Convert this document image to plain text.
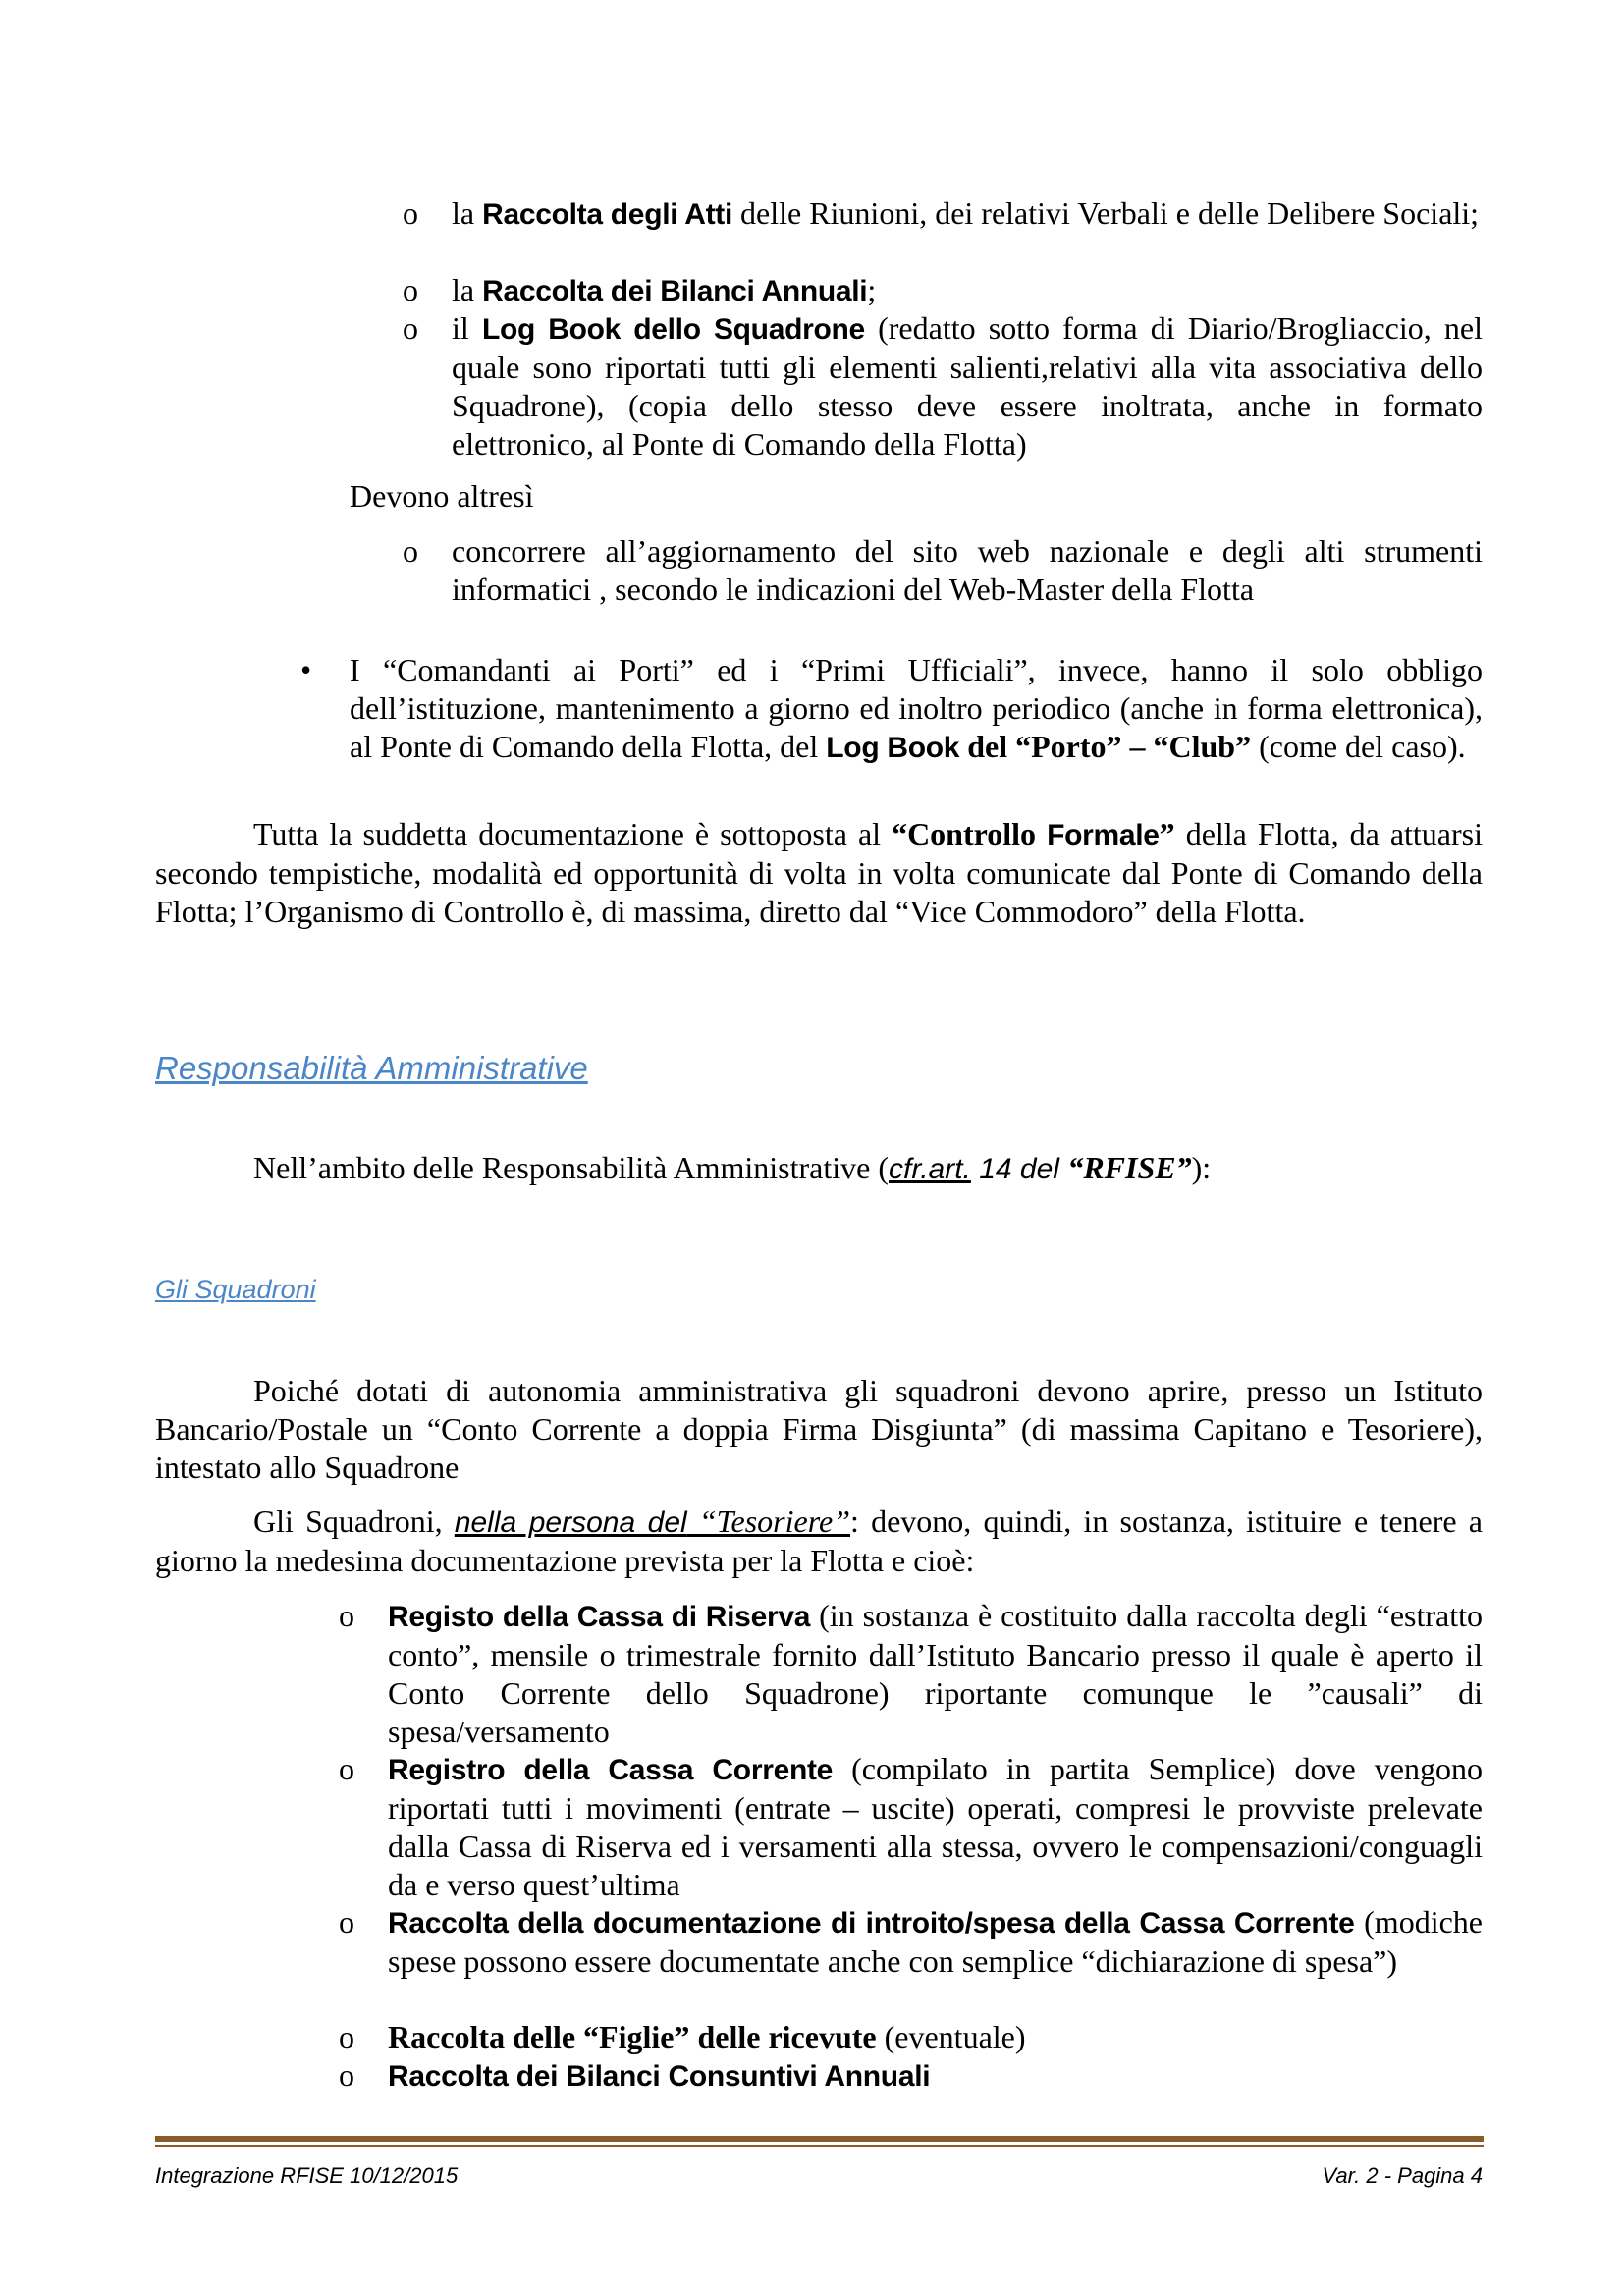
o la Raccolta degli Atti delle Riunioni, dei relativi Verbali e delle Delibere Sociali;
o la Raccolta dei Bilanci Annuali;
o il Log Book dello Squadrone (redatto sotto forma di Diario/Brogliaccio, nel quale sono riportati tutti gli elementi salienti,relativi alla vita associativa dello Squadrone), (copia dello stesso deve essere inoltrata, anche in formato elettronico, al Ponte di Comando della Flotta)
Devono altresì
o concorrere all’aggiornamento del sito web nazionale e degli alti strumenti informatici , secondo le indicazioni del Web-Master della Flotta
• I “Comandanti ai Porti” ed i “Primi Ufficiali”, invece, hanno il solo obbligo dell’istituzione, mantenimento a giorno ed inoltro periodico (anche in forma elettronica), al Ponte di Comando della Flotta, del Log Book del “Porto” – “Club” (come del caso).
Tutta la suddetta documentazione è sottoposta al “Controllo Formale” della Flotta, da attuarsi secondo tempistiche, modalità ed opportunità di volta in volta comunicate dal Ponte di Comando della Flotta; l’Organismo di Controllo è, di massima, diretto dal “Vice Commodoro” della Flotta.
Responsabilità Amministrative
Nell’ambito delle Responsabilità Amministrative (cfr.art. 14 del “RFISE”):
Gli Squadroni
Poiché dotati di autonomia amministrativa gli squadroni devono aprire, presso un Istituto Bancario/Postale un “Conto Corrente a doppia Firma Disgiunta” (di massima Capitano e Tesoriere), intestato allo Squadrone
Gli Squadroni, nella persona del “Tesoriere”: devono, quindi, in sostanza, istituire e tenere a giorno la medesima documentazione prevista per la Flotta e cioè:
o Registo della Cassa di Riserva (in sostanza è costituito dalla raccolta degli “estratto conto”, mensile o trimestrale fornito dall’Istituto Bancario presso il quale è aperto il Conto Corrente dello Squadrone) riportante comunque le ”causali” di spesa/versamento
o Registro della Cassa Corrente (compilato in partita Semplice) dove vengono riportati tutti i movimenti (entrate – uscite) operati, compresi le provviste prelevate dalla Cassa di Riserva ed i versamenti alla stessa, ovvero le compensazioni/conguagli da e verso quest’ultima
o Raccolta della documentazione di introito/spesa della Cassa Corrente (modiche spese possono essere documentate anche con semplice “dichiarazione di spesa”)
o Raccolta delle “Figlie” delle ricevute (eventuale)
o Raccolta dei Bilanci Consuntivi Annuali
Integrazione RFISE 10/12/2015	Var. 2 - Pagina 4
